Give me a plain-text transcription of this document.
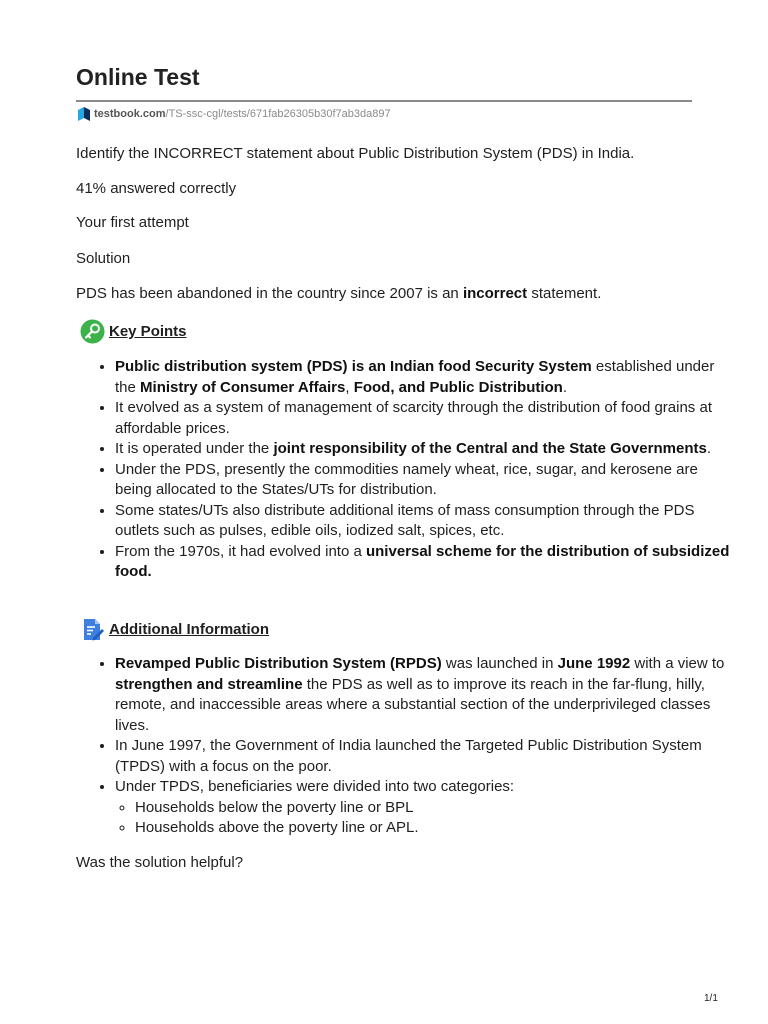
Online Test
testbook.com /TS-ssc-cgl/tests/671fab26305b30f7ab3da897

Identify the INCORRECT statement about Public Distribution System (PDS) in India.

41% answered correctly

Your first attempt

Solution

PDS has been abandoned in the country since 2007 is an incorrect statement.

Key Points
• Public distribution system (PDS) is an Indian food Security System established under the Ministry of Consumer Affairs, Food, and Public Distribution.
• It evolved as a system of management of scarcity through the distribution of food grains at affordable prices.
• It is operated under the joint responsibility of the Central and the State Governments.
• Under the PDS, presently the commodities namely wheat, rice, sugar, and kerosene are being allocated to the States/UTs for distribution.
• Some states/UTs also distribute additional items of mass consumption through the PDS outlets such as pulses, edible oils, iodized salt, spices, etc.
• From the 1970s, it had evolved into a universal scheme for the distribution of subsidized food.
Additional Information
• Revamped Public Distribution System (RPDS) was launched in June 1992 with a view to strengthen and streamline the PDS as well as to improve its reach in the far-flung, hilly, remote, and inaccessible areas where a substantial section of the underprivileged classes lives.
• In June 1997, the Government of India launched the Targeted Public Distribution System (TPDS) with a focus on the poor.
• Under TPDS, beneficiaries were divided into two categories:
◦ Households below the poverty line or BPL
◦ Households above the poverty line or APL.

Was the solution helpful?

1/1
